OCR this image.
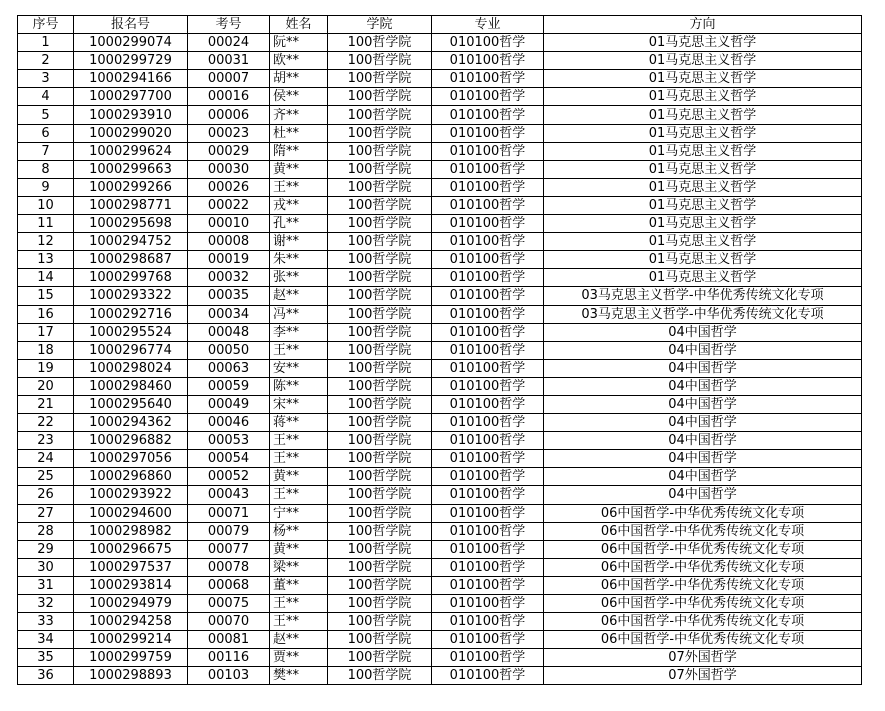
序号	报名号	考号	姓名	学院	专业	方向
1	1000299074	00024	阮**	100哲学院	010100哲学	01马克思主义哲学
2	1000299729	00031	欧**	100哲学院	010100哲学	01马克思主义哲学
3	1000294166	00007	胡**	100哲学院	010100哲学	01马克思主义哲学
4	1000297700	00016	侯**	100哲学院	010100哲学	01马克思主义哲学
5	1000293910	00006	齐**	100哲学院	010100哲学	01马克思主义哲学
6	1000299020	00023	杜**	100哲学院	010100哲学	01马克思主义哲学
7	1000299624	00029	隋**	100哲学院	010100哲学	01马克思主义哲学
8	1000299663	00030	黄**	100哲学院	010100哲学	01马克思主义哲学
9	1000299266	00026	王**	100哲学院	010100哲学	01马克思主义哲学
10	1000298771	00022	戎**	100哲学院	010100哲学	01马克思主义哲学
11	1000295698	00010	孔**	100哲学院	010100哲学	01马克思主义哲学
12	1000294752	00008	谢**	100哲学院	010100哲学	01马克思主义哲学
13	1000298687	00019	朱**	100哲学院	010100哲学	01马克思主义哲学
14	1000299768	00032	张**	100哲学院	010100哲学	01马克思主义哲学
15	1000293322	00035	赵**	100哲学院	010100哲学	03马克思主义哲学-中华优秀传统文化专项
16	1000292716	00034	冯**	100哲学院	010100哲学	03马克思主义哲学-中华优秀传统文化专项
17	1000295524	00048	李**	100哲学院	010100哲学	04中国哲学
18	1000296774	00050	王**	100哲学院	010100哲学	04中国哲学
19	1000298024	00063	安**	100哲学院	010100哲学	04中国哲学
20	1000298460	00059	陈**	100哲学院	010100哲学	04中国哲学
21	1000295640	00049	宋**	100哲学院	010100哲学	04中国哲学
22	1000294362	00046	蒋**	100哲学院	010100哲学	04中国哲学
23	1000296882	00053	王**	100哲学院	010100哲学	04中国哲学
24	1000297056	00054	王**	100哲学院	010100哲学	04中国哲学
25	1000296860	00052	黄**	100哲学院	010100哲学	04中国哲学
26	1000293922	00043	王**	100哲学院	010100哲学	04中国哲学
27	1000294600	00071	宁**	100哲学院	010100哲学	06中国哲学-中华优秀传统文化专项
28	1000298982	00079	杨**	100哲学院	010100哲学	06中国哲学-中华优秀传统文化专项
29	1000296675	00077	黄**	100哲学院	010100哲学	06中国哲学-中华优秀传统文化专项
30	1000297537	00078	梁**	100哲学院	010100哲学	06中国哲学-中华优秀传统文化专项
31	1000293814	00068	董**	100哲学院	010100哲学	06中国哲学-中华优秀传统文化专项
32	1000294979	00075	王**	100哲学院	010100哲学	06中国哲学-中华优秀传统文化专项
33	1000294258	00070	王**	100哲学院	010100哲学	06中国哲学-中华优秀传统文化专项
34	1000299214	00081	赵**	100哲学院	010100哲学	06中国哲学-中华优秀传统文化专项
35	1000299759	00116	贾**	100哲学院	010100哲学	07外国哲学
36	1000298893	00103	樊**	100哲学院	010100哲学	07外国哲学
